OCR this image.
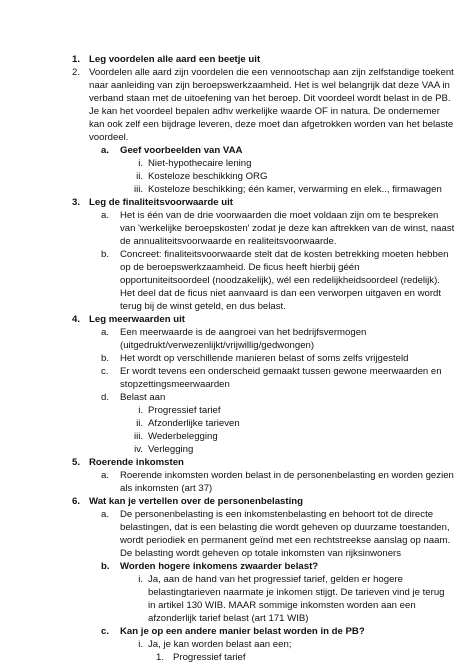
1. Leg voordelen alle aard een beetje uit
2. Voordelen alle aard zijn voordelen die een vennootschap aan zijn zelfstandige toekent
naar aanleiding van zijn beroepswerkzaamheid. Het is wel belangrijk dat deze VAA in
verband staan met de uitoefening van het beroep. Dit voordeel wordt belast in de PB.
Je kan het voordeel bepalen adhv werkelijke waarde OF in natura. De ondernemer
kan ook zelf een bijdrage leveren, deze moet dan afgetrokken worden van het belaste
voordeel.
a. Geef voorbeelden van VAA
i. Niet-hypothecaire lening
ii. Kosteloze beschikking ORG
iii. Kosteloze beschikking; één kamer, verwarming en elek.., firmawagen
3. Leg de finaliteitsvoorwaarde uit
a. Het is één van de drie voorwaarden die moet voldaan zijn om te bespreken
van 'werkelijke beroepskosten' zodat je deze kan aftrekken van de winst, naast
de annualiteitsvoorwaarde en realiteitsvoorwaarde.
b. Concreet: finaliteitsvoorwaarde stelt dat de kosten betrekking moeten hebben
op de beroepswerkzaamheid. De ficus heeft hierbij géén
opportuniteitsoordeel (noodzakelijk), wél een redelijkheidsoordeel (redelijk).
Het deel dat de ficus niet aanvaard is dan een verworpen uitgaven en wordt
terug bij de winst geteld, en dus belast.
4. Leg meerwaarden uit
a. Een meerwaarde is de aangroei van het bedrijfsvermogen
(uitgedrukt/verwezenlijkt/vrijwillig/gedwongen)
b. Het wordt op verschillende manieren belast of soms zelfs vrijgesteld
c. Er wordt tevens een onderscheid gemaakt tussen gewone meerwaarden en
stopzettingsmeerwaarden
d. Belast aan
i. Progressief tarief
ii. Afzonderlijke tarieven
iii. Wederbelegging
iv. Verlegging
5. Roerende inkomsten
a. Roerende inkomsten worden belast in de personenbelasting en worden gezien
als inkomsten (art 37)
6. Wat kan je vertellen over de personenbelasting
a. De personenbelasting is een inkomstenbelasting en behoort tot de directe
belastingen, dat is een belasting die wordt geheven op duurzame toestanden,
wordt periodiek en permanent geïnd met een rechtstreekse aanslag op naam.
De belasting wordt geheven op totale inkomsten van rijksinwoners
b. Worden hogere inkomens zwaarder belast?
i. Ja, aan de hand van het progressief tarief, gelden er hogere
belastingtarieven naarmate je inkomen stijgt. De tarieven vind je terug
in artikel 130 WIB. MAAR sommige inkomsten worden aan een
afzonderlijk tarief belast (art 171 WIB)
c. Kan je op een andere manier belast worden in de PB?
i. Ja, je kan worden belast aan een;
1. Progressief tarief
